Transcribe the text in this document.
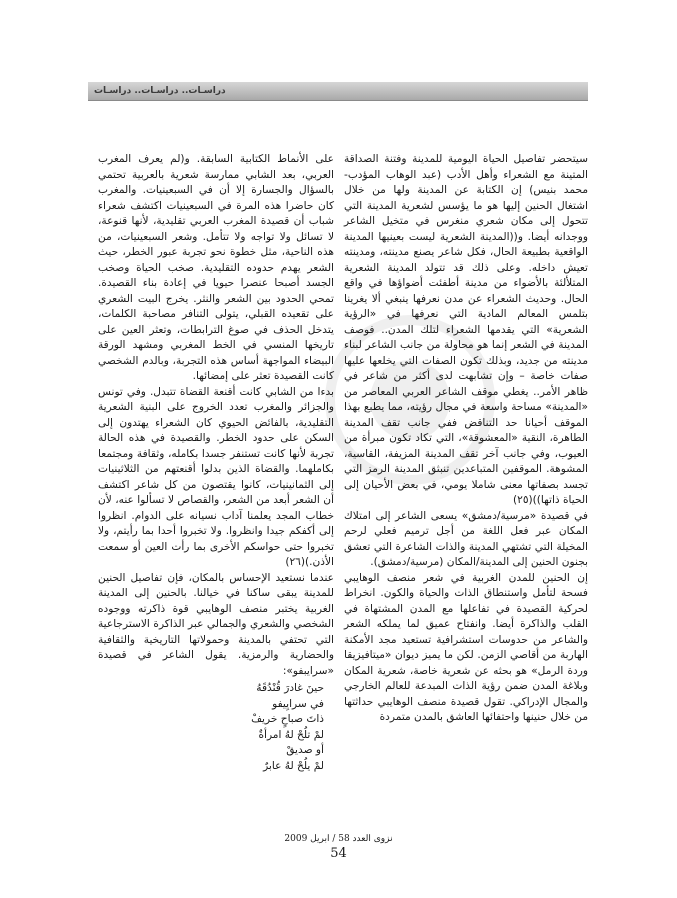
دراسـات.. دراسـات.. دراسـات

سيتحضر تفاصيل الحياة اليومية للمدينة وفتنة الصداقة المتينة مع الشعراء وأهل الأدب (عبد الوهاب المؤدب- محمد بنيس) إن الكتابة عن المدينة ولها من خلال اشتغال الحنين إليها هو ما يؤسس لشعرية المدينة التي تتحول إلى مكان شعري منغرس في متخيل الشاعر ووجدانه أيضا. و((المدينة الشعرية ليست بعينيها المدينة الواقعية بطبيعة الحال، فكل شاعر يصنع مدينته، ومدينته تعيش داخله. وعلى ذلك قد تتولد المدينة الشعرية المتلألئة بالأضواء من مدينة أطفئت أضواؤها في واقع الحال. وحديث الشعراء عن مدن نعرفها ينبغي ألا يغرينا بتلمس المعالم المادية التي نعرفها في «الرؤية الشعرية» التي يقدمها الشعراء لتلك المدن.. فوصف المدينة في الشعر إنما هو محاولة من جانب الشاعر لبناء مدينته من جديد، وبذلك تكون الصفات التي يخلعها عليها صفات خاصة – وإن تشابهت لدى أكثر من شاعر في ظاهر الأمر.. يغطي موقف الشاعر العربي المعاصر من «المدينة» مساحة واسعة في مجال رؤيته، مما يطبع بهذا الموقف أحيانا حد التناقض ففي جانب تقف المدينة الطاهرة، النقية «المعشوقة»، التي تكاد تكون مبرأة من العيوب، وفي جانب آخر تقف المدينة المزيفة، القاسية، المشوهة. الموقفين المتباعدين تنبثق المدينة الرمز التي تجسد بصفاتها معنى شاملا يومي، في بعض الأحيان إلى الحياة ذاتها))(٢٥)

في قصيدة «مرسية/دمشق» يسعى الشاعر إلى امتلاك المكان عبر فعل اللغة من أجل ترميم فعلي لرحم المخيلة التي تشتهي المدينة والذات الشاعرة التي تعشق بجنون الحنين إلى المدينة/المكان (مرسية/دمشق).

إن الحنين للمدن الغربية في شعر منصف الوهايبي فسحة لتأمل واستنطاق الذات والحياة والكون. انخراط لحركية القصيدة في تفاعلها مع المدن المشتهاة في القلب والذاكرة أيضا. وانفتاح عميق لما يملكه الشعر والشاعر من حدوسات استشرافية تستعيد مجد الأمكنة الهاربة من أقاصي الزمن. لكن ما يميز ديوان «ميتافيزيقا وردة الرمل» هو بحثه عن شعرية خاصة، شعرية المكان وبلاغة المدن ضمن رؤية الذات المبدعة للعالم الخارجي والمجال الإدراكي. تقول قصيدة منصف الوهايبي حداثتها من خلال حنينها واحتفائها العاشق بالمدن متمردة

على الأنماط الكتابية السابقة. و(لم يعرف المغرب العربي، بعد الشابي ممارسة شعرية بالعربية تحتمي بالسؤال والجسارة إلا أن في السبعينيات. والمغرب كان حاضرا هذه المرة في السبعينيات اكتشف شعراء شباب أن قصيدة المغرب العربي تقليدية، لأنها قنوعة، لا تسائل ولا تواجه ولا تتأمل. وشعر السبعينيات، من هذه الناحية، مثل خطوة نحو تجربة عبور الخطر، حيث الشعر يهدم حدوده التقليدية. صخب الحياة وصخب الجسد أصبحا عنصرا حيويا في إعادة بناء القصيدة. تمحي الحدود بين الشعر والنثر. يخرج البيت الشعري على تقعيده القبلي، يتولى التنافر مصاحبة الكلمات، يتدخل الحذف في صوغ الترابطات، وتعثر العين على تاريخها المنسي في الخط المغربي ومشهد الورقة البيضاء المواجهة أساس هذه التجربة، وبالدم الشخصي كانت القصيدة تعثر على إمضائها.

بدءا من الشابي كانت أقنعة القضاة تتبدل. وفي تونس والجزائر والمغرب تعدد الخروج على البنية الشعرية التقليدية، بالفائض الحيوي كان الشعراء يهتدون إلى السكن على حدود الخطر. والقصيدة في هذه الحالة تجربة لأنها كانت تستنفر جسدا بكامله، وثقافة ومجتمعا بكاملهما. والقضاة الذين بدلوا أقنعتهم من الثلاثينيات إلى الثمانينيات، كانوا يقتصون من كل شاعر اكتشف أن الشعر أبعد من الشعر، والقصاص لا تسألوا عنه، لأن خطاب المجد يعلمنا آداب نسيانه على الدوام. انظروا إلى أكفكم جيدا وانظروا. ولا تخبروا أحدا بما رأيتم، ولا تخبروا حتى حواسكم الأخرى بما رأت العين أو سمعت الأذن.)(٢٦)

عندما نستعيد الإحساس بالمكان، فإن تفاصيل الحنين للمدينة يبقى ساكنا في خيالنا. بالحنين إلى المدينة الغربية يختبر منصف الوهايبي قوة ذاكرته ووجوده الشخصي والشعري والجمالي عبر الذاكرة الاسترجاعية التي تحتفي بالمدينة وحمولاتها التاريخية والثقافية والحضارية والرمزية. يقول الشاعر في قصيدة «سرايبفو»:

حينَ غادرَ قُنْدُقَهُ
في سرايِيفو
ذاتَ صباحٍ خريفْ
لمْ تلُحْ لهُ امرأةٌ
أو صديقْ
لمْ يلُحْ لهُ عابرٌ
نزوى العدد 58 / ابريل 2009
54
